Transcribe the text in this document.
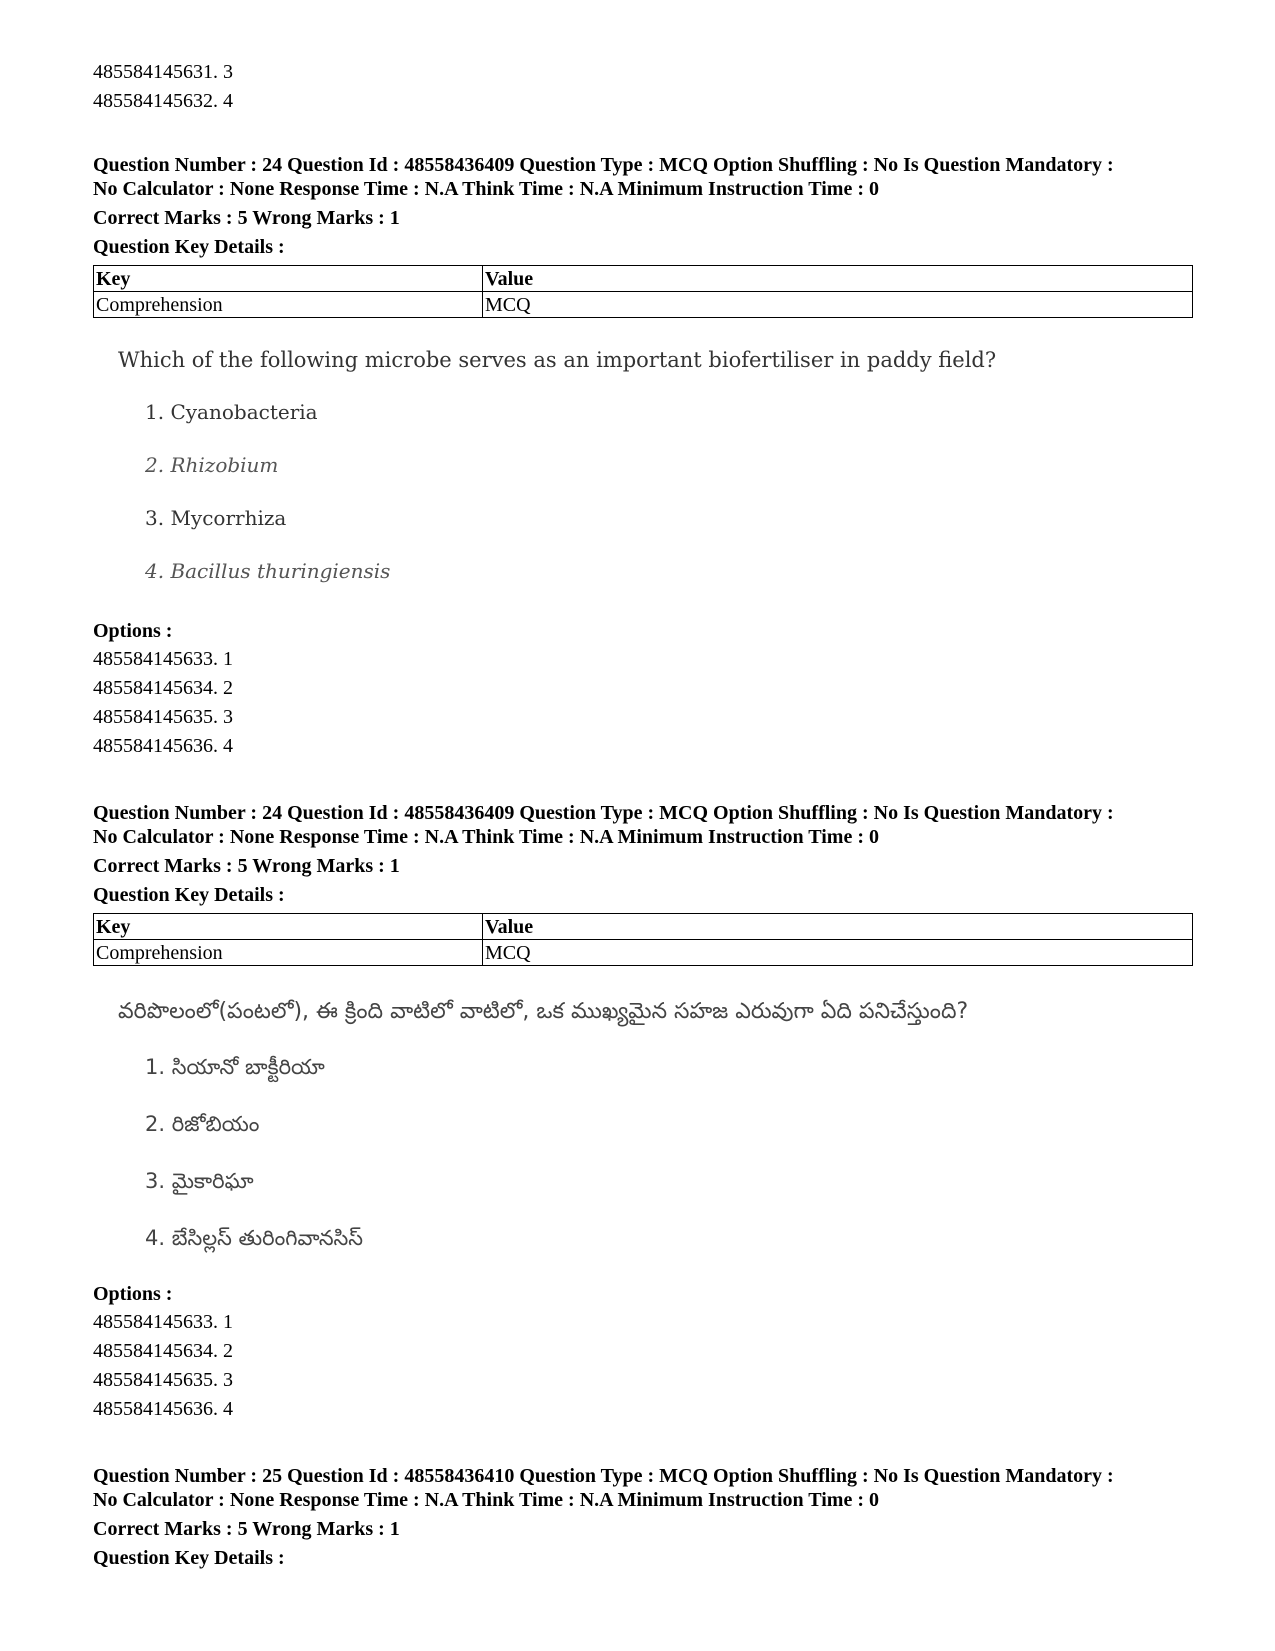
485584145631. 3
485584145632. 4
Question Number : 24 Question Id : 48558436409 Question Type : MCQ Option Shuffling : No Is Question Mandatory :
No Calculator : None Response Time : N.A Think Time : N.A Minimum Instruction Time : 0
Correct Marks : 5 Wrong Marks : 1
Question Key Details :
Key	Value
Comprehension	MCQ
Which of the following microbe serves as an important biofertiliser in paddy field?
1. Cyanobacteria
2. Rhizobium
3. Mycorrhiza
4. Bacillus thuringiensis
Options :
485584145633. 1
485584145634. 2
485584145635. 3
485584145636. 4
Question Number : 24 Question Id : 48558436409 Question Type : MCQ Option Shuffling : No Is Question Mandatory :
No Calculator : None Response Time : N.A Think Time : N.A Minimum Instruction Time : 0
Correct Marks : 5 Wrong Marks : 1
Question Key Details :
Key	Value
Comprehension	MCQ
వరిపొలంలో(పంటలో), ఈ క్రింది వాటిలో వాటిలో, ఒక ముఖ్యమైన సహజ ఎరువుగా ఏది పనిచేస్తుంది?
1. సియానో బాక్టీరియా
2. రిజోబియం
3. మైకారిఘా
4. బేసిల్లస్ తురింగివానసిస్
Options :
485584145633. 1
485584145634. 2
485584145635. 3
485584145636. 4
Question Number : 25 Question Id : 48558436410 Question Type : MCQ Option Shuffling : No Is Question Mandatory :
No Calculator : None Response Time : N.A Think Time : N.A Minimum Instruction Time : 0
Correct Marks : 5 Wrong Marks : 1
Question Key Details :
